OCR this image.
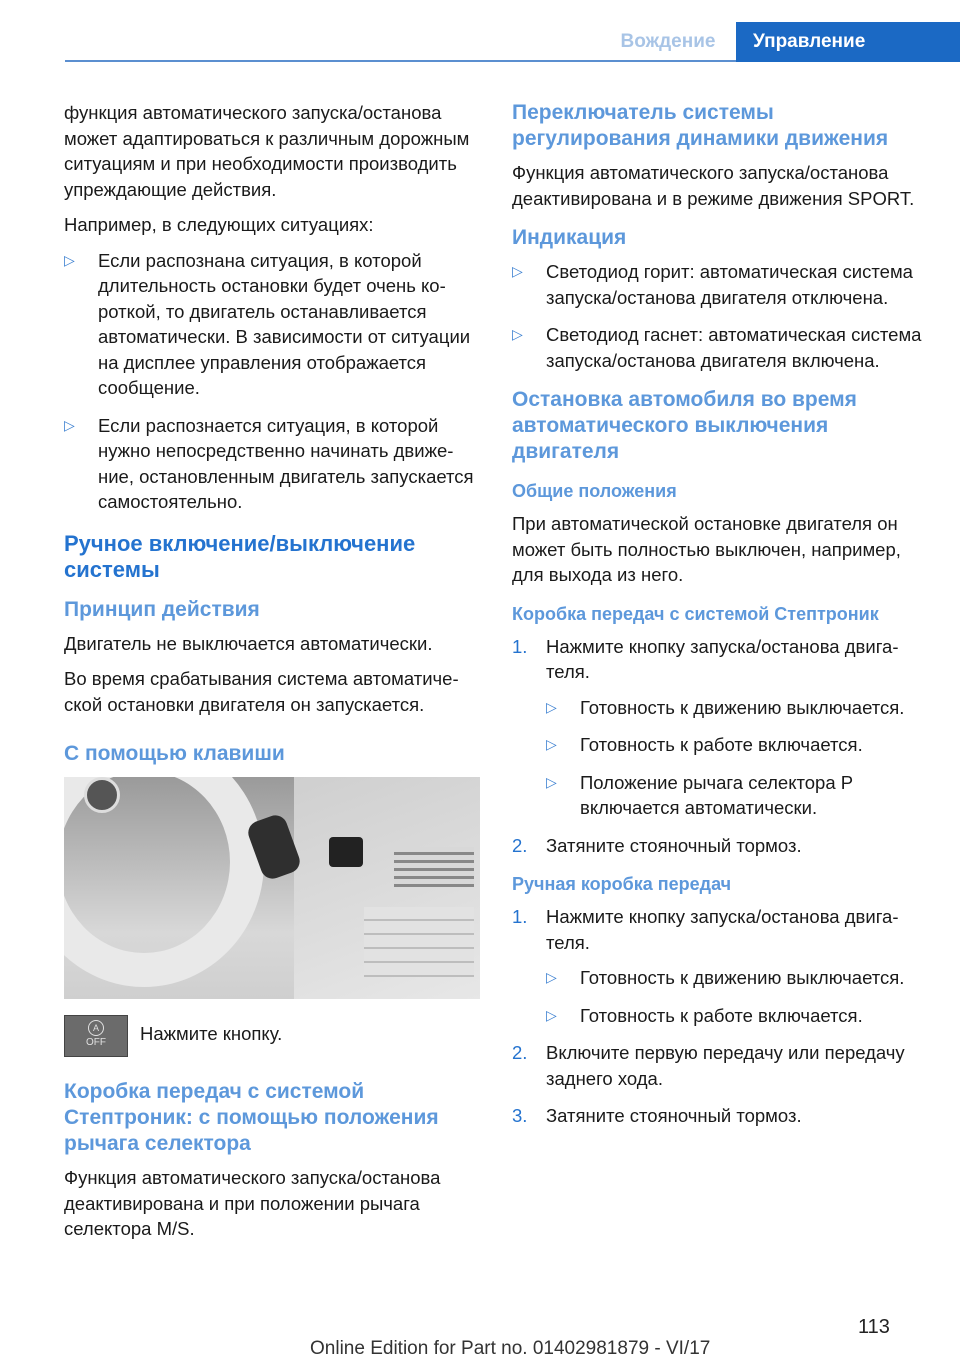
Вождение	Управление

функция автоматического запуска/останова может адаптироваться к различным дорожным ситуациям и при необходимости производить упреждающие действия.

Например, в следующих ситуациях:

▷ Если распознана ситуация, в которой длительность остановки будет очень короткой, то двигатель останавливается автоматически. В зависимости от ситуации на дисплее управления отображается сообщение.
▷ Если распознается ситуация, в которой нужно непосредственно начинать движение, остановленным двигатель запускается самостоятельно.
Ручное включение/выключение системы
Принцип действия

Двигатель не выключается автоматически.

Во время срабатывания система автоматической остановки двигателя он запускается.

С помощью клавиши
A
OFF	Нажмите кнопку.
Коробка передач с системой Стептроник: с помощью положения рычага селектора

Функция автоматического запуска/останова деактивирована и при положении рычага селектора M/S.

Переключатель системы регулирования динамики движения

Функция автоматического запуска/останова деактивирована и в режиме движения SPORT.

Индикация
▷ Светодиод горит: автоматическая система запуска/останова двигателя отключена.
▷ Светодиод гаснет: автоматическая система запуска/останова двигателя включена.
Остановка автомобиля во время автоматического выключения двигателя
Общие положения

При автоматической остановке двигателя он может быть полностью выключен, например, для выхода из него.

Коробка передач с системой Стептроник
1. Нажмите кнопку запуска/останова двигателя.
▷ Готовность к движению выключается.
▷ Готовность к работе включается.
▷ Положение рычага селектора P включается автоматически.
2. Затяните стояночный тормоз.
Ручная коробка передач
1. Нажмите кнопку запуска/останова двигателя.
▷ Готовность к движению выключается.
▷ Готовность к работе включается.
2. Включите первую передачу или передачу заднего хода.
3. Затяните стояночный тормоз.
113
Online Edition for Part no. 01402981879 - VI/17
